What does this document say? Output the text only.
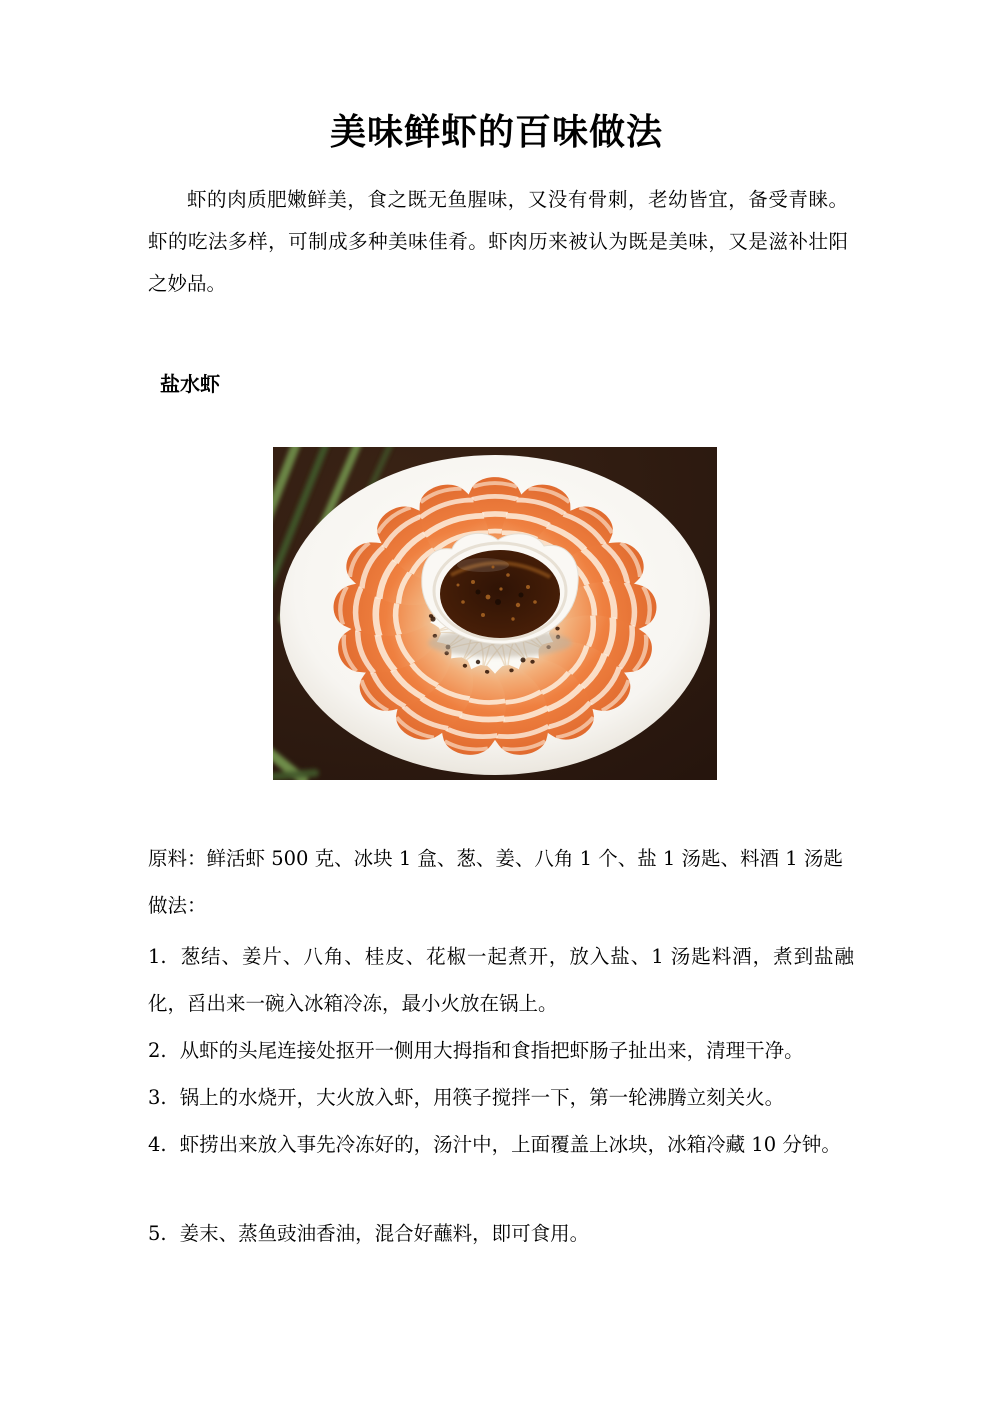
美味鲜虾的百味做法

虾的肉质肥嫩鲜美，食之既无鱼腥味，又没有骨刺，老幼皆宜，备受青睐。虾的吃法多样，可制成多种美味佳肴。虾肉历来被认为既是美味，又是滋补壮阳之妙品。

盐水虾

原料：鲜活虾 500 克、冰块 1 盒、葱、姜、八角 1 个、盐 1 汤匙、料酒 1 汤匙

做法：

1. 葱结、姜片、八角、桂皮、花椒一起煮开，放入盐、1 汤匙料酒，煮到盐融化，舀出来一碗入冰箱冷冻，最小火放在锅上。

2. 从虾的头尾连接处抠开一侧用大拇指和食指把虾肠子扯出来，清理干净。

3. 锅上的水烧开，大火放入虾，用筷子搅拌一下，第一轮沸腾立刻关火。

4. 虾捞出来放入事先冷冻好的，汤汁中，上面覆盖上冰块，冰箱冷藏 10 分钟。

5. 姜末、蒸鱼豉油香油，混合好蘸料，即可食用。
